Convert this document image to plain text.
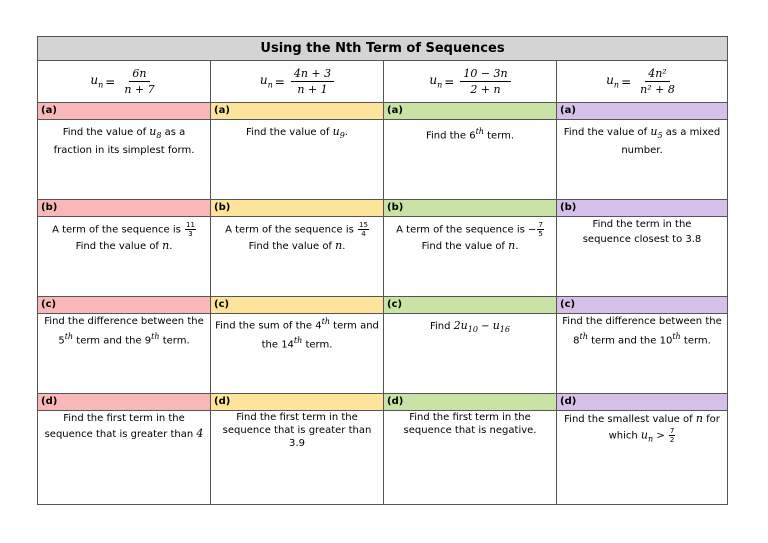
Using the Nth Term of Sequences
$u_n = \frac{6n}{n + 7}$
(a)
Find the value of $u_8$ as a fraction in its simplest form.
(b)
A term of the sequence is $\frac{11}{3}$

Find the value of n.
(c)
Find the difference between the
5th term and the 9th term.
(d)
Find the first term in the sequence that is greater than 4
$u_n = \frac{4n + 3}{n + 1}$
(a)
Find the value of $u_9$.
(b)
A term of the sequence is $\frac{15}{4}$

Find the value of n.
(c)
Find the sum of the 4th term and the 14th term.
(d)
Find the first term in the sequence that is greater than 3.9
$u_n = \frac{10 - 3n}{2 + n}$
(a)
Find the 6th term.
(b)
A term of the sequence is − $\frac{7}{5}$

Find the value of n.
(c)
Find $2u_{10} - u_{16}$
(d)
Find the first term in the sequence that is negative.
$u_n = \frac{\text{4n²}}{\text{n² + 8}}$
(a)
Find the value of $u_5$ as a mixed number.
(b)
Find the term in the sequence closest to 3.8
(c)
Find the difference between the
8th term and the 10th term.
(d)
Find the smallest value of n for
which $u_n > \frac{7}{2}$
